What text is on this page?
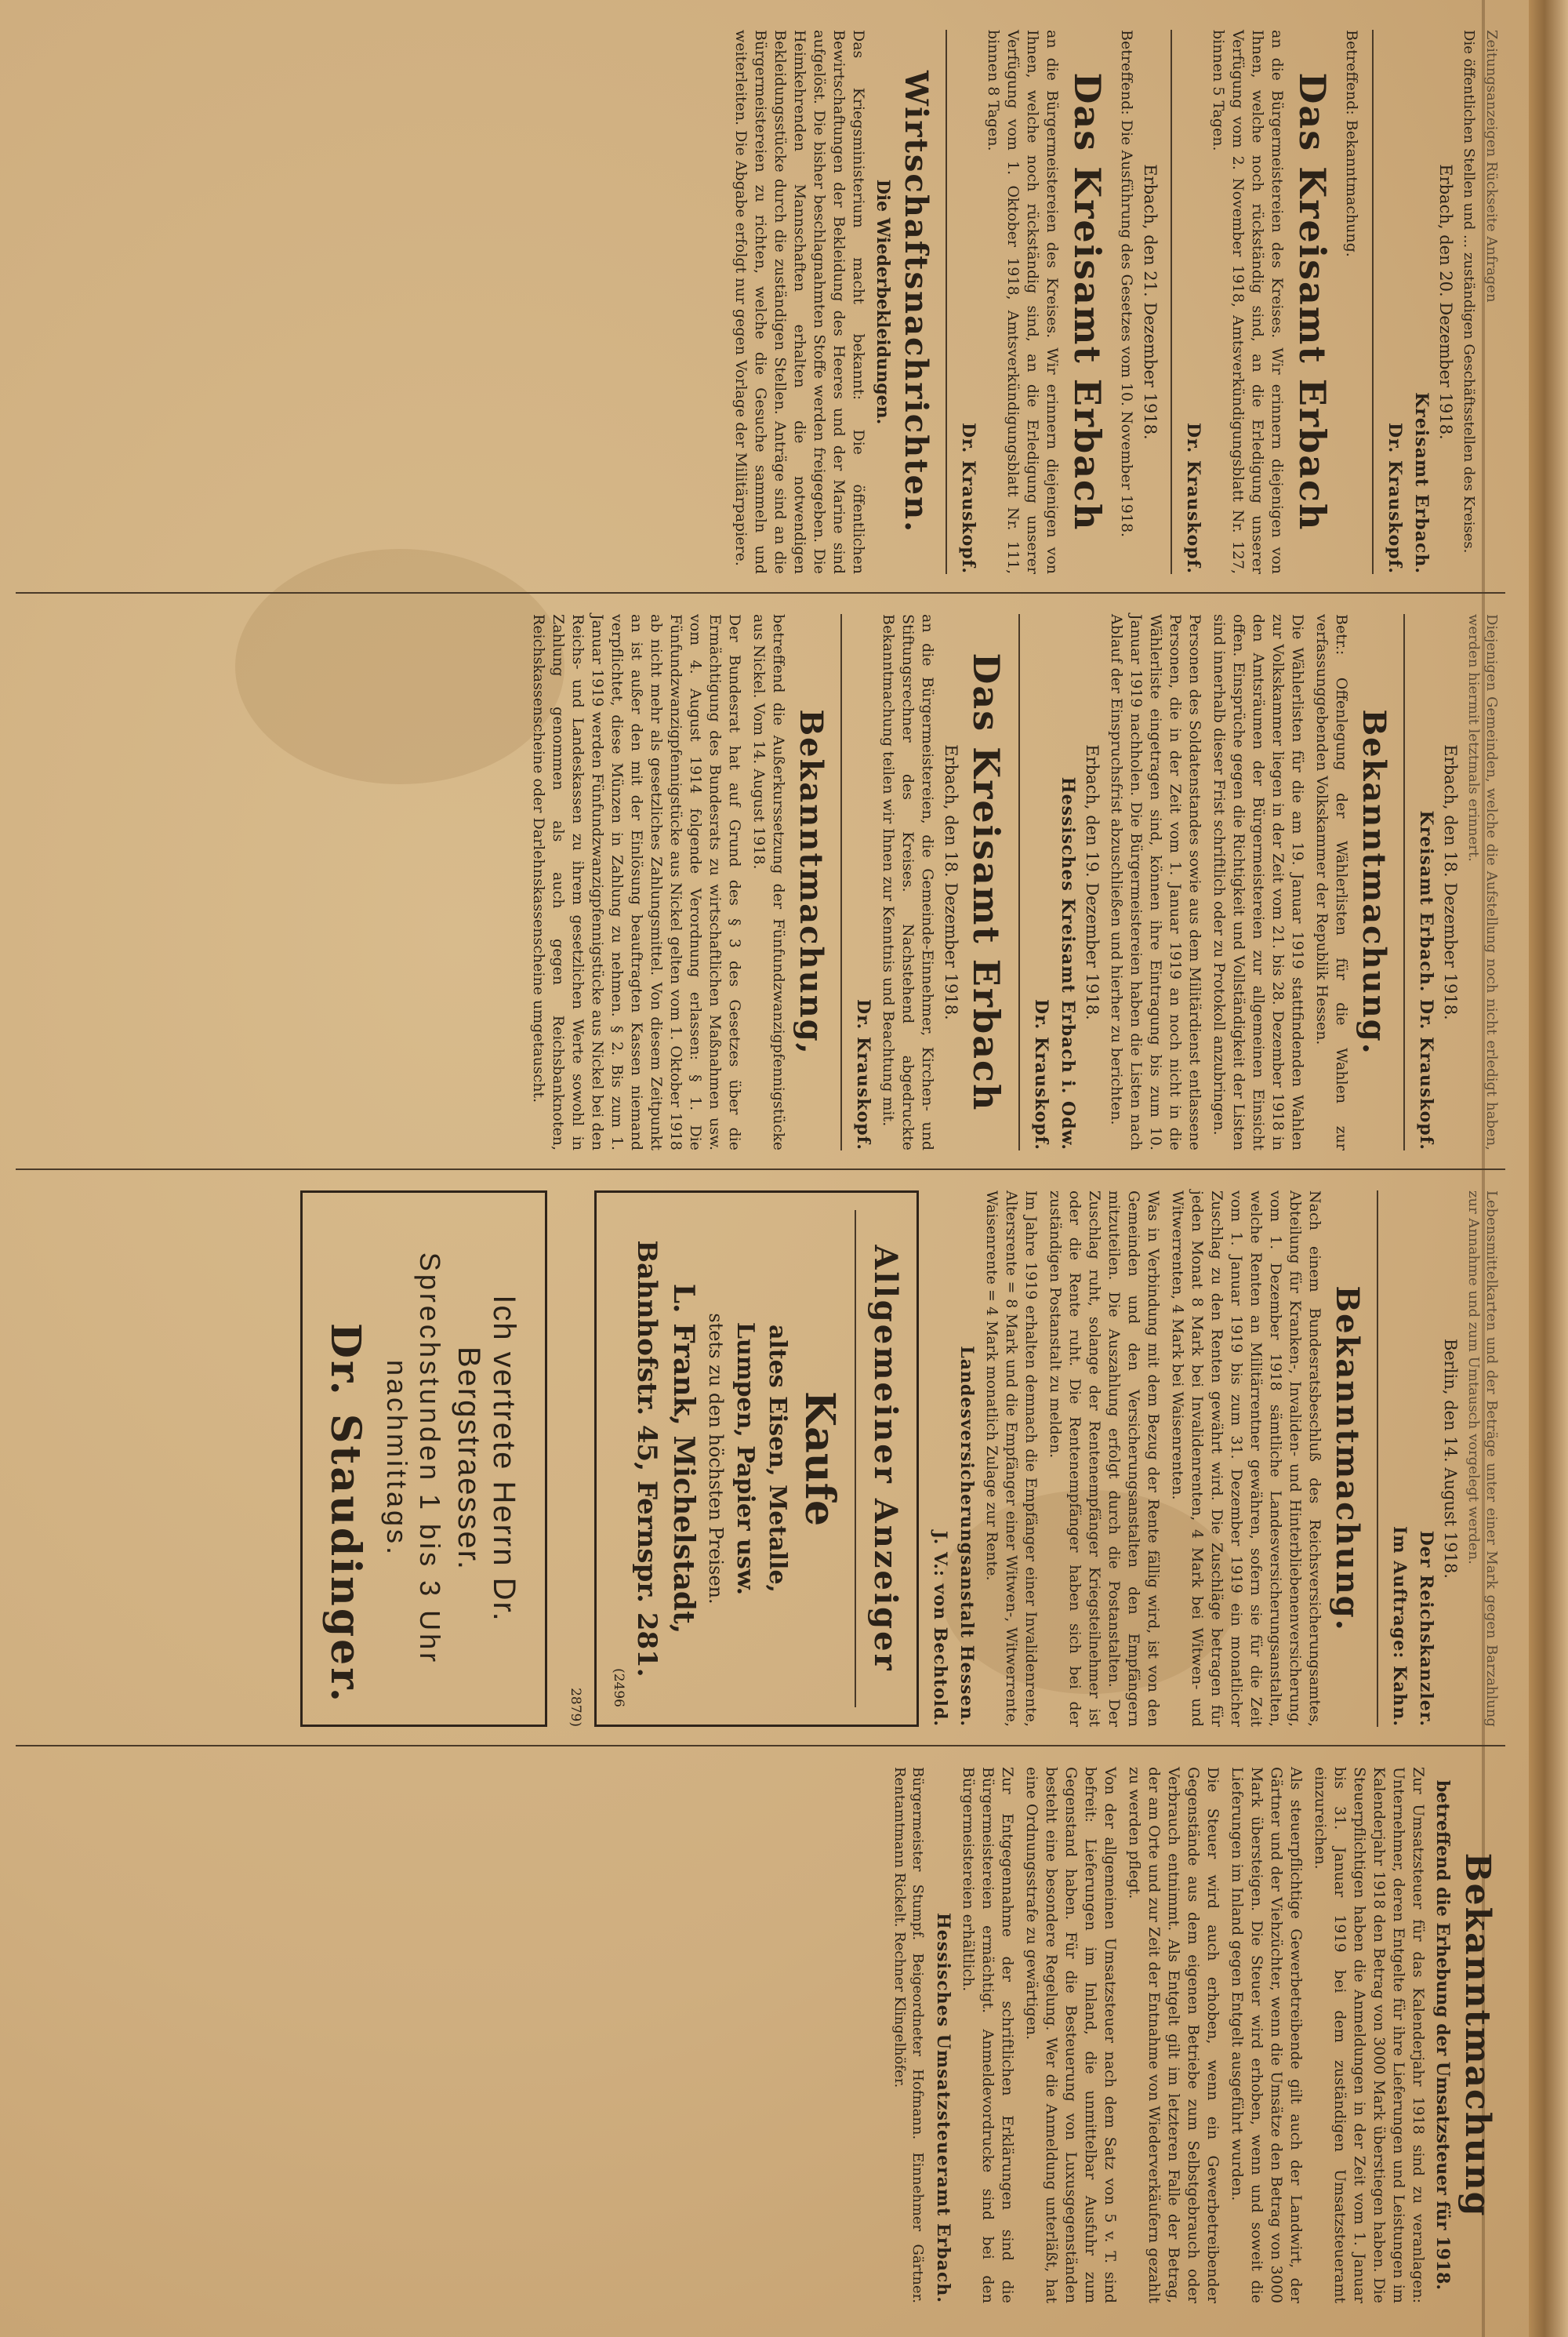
Zeitungsanzeigen Rückseite Anfragen
Die öffentlichen Stellen und ... zuständigen Geschäftsstellen des Kreises.
Erbach, den 20. Dezember 1918.
Kreisamt Erbach.
Dr. Krauskopf.
Betreffend: Bekanntmachung.
Das Kreisamt Erbach
an die Bürgermeistereien des Kreises. Wir erinnern diejenigen von Ihnen, welche noch rückständig sind, an die Erledigung unserer Verfügung vom 2. November 1918, Amtsverkündigungsblatt Nr. 127, binnen 5 Tagen.
Dr. Krauskopf.
Erbach, den 21. Dezember 1918.
Betreffend: Die Ausführung des Gesetzes vom 10. November 1918.
Das Kreisamt Erbach
an die Bürgermeistereien des Kreises. Wir erinnern diejenigen von Ihnen, welche noch rückständig sind, an die Erledigung unserer Verfügung vom 1. Oktober 1918, Amtsverkündigungsblatt Nr. 111, binnen 8 Tagen.
Dr. Krauskopf.
Wirtschaftsnachrichten.
Die Wiederbekleidungen.
Das Kriegsministerium macht bekannt: Die öffentlichen Bewirtschaftungen der Bekleidung des Heeres und der Marine sind aufgelöst. Die bisher beschlagnahmten Stoffe werden freigegeben. Die Heimkehrenden Mannschaften erhalten die notwendigen Bekleidungsstücke durch die zuständigen Stellen. Anträge sind an die Bürgermeistereien zu richten, welche die Gesuche sammeln und weiterleiten. Die Abgabe erfolgt nur gegen Vorlage der Militärpapiere.
Diejenigen Gemeinden, welche die Aufstellung noch nicht erledigt haben, werden hiermit letztmals erinnert.
Erbach, den 18. Dezember 1918.
Kreisamt Erbach. Dr. Krauskopf.
Bekanntmachung.
Betr.: Offenlegung der Wählerlisten für die Wahlen zur verfassunggebenden Volkskammer der Republik Hessen.
Die Wählerlisten für die am 19. Januar 1919 stattfindenden Wahlen zur Volkskammer liegen in der Zeit vom 21. bis 28. Dezember 1918 in den Amtsräumen der Bürgermeistereien zur allgemeinen Einsicht offen. Einsprüche gegen die Richtigkeit und Vollständigkeit der Listen sind innerhalb dieser Frist schriftlich oder zu Protokoll anzubringen.
Personen des Soldatenstandes sowie aus dem Militärdienst entlassene Personen, die in der Zeit vom 1. Januar 1919 an noch nicht in die Wählerliste eingetragen sind, können ihre Eintragung bis zum 10. Januar 1919 nachholen. Die Bürgermeistereien haben die Listen nach Ablauf der Einspruchsfrist abzuschließen und hierher zu berichten.
Erbach, den 19. Dezember 1918.
Hessisches Kreisamt Erbach i. Odw.
Dr. Krauskopf.
Das Kreisamt Erbach
Erbach, den 18. Dezember 1918.
an die Bürgermeistereien, die Gemeinde-Einnehmer, Kirchen- und Stiftungsrechner des Kreises. Nachstehend abgedruckte Bekanntmachung teilen wir Ihnen zur Kenntnis und Beachtung mit.
Dr. Krauskopf.
Bekanntmachung,
betreffend die Außerkurssetzung der Fünfundzwanzigpfennigstücke aus Nickel. Vom 14. August 1918.
Der Bundesrat hat auf Grund des § 3 des Gesetzes über die Ermächtigung des Bundesrats zu wirtschaftlichen Maßnahmen usw. vom 4. August 1914 folgende Verordnung erlassen: § 1. Die Fünfundzwanzigpfennigstücke aus Nickel gelten vom 1. Oktober 1918 ab nicht mehr als gesetzliches Zahlungsmittel. Von diesem Zeitpunkt an ist außer den mit der Einlösung beauftragten Kassen niemand verpflichtet, diese Münzen in Zahlung zu nehmen. § 2. Bis zum 1. Januar 1919 werden Fünfundzwanzigpfennigstücke aus Nickel bei den Reichs- und Landeskassen zu ihrem gesetzlichen Werte sowohl in Zahlung genommen als auch gegen Reichsbanknoten, Reichskassenscheine oder Darlehnskassenscheine umgetauscht.
Lebensmittelkarten und der Beträge unter einer Mark gegen Barzahlung zur Annahme und zum Umtausch vorgelegt werden.
Berlin, den 14. August 1918.
Der Reichskanzler.
Im Auftrage: Kahn.
Bekanntmachung.
Nach einem Bundesratsbeschluß des Reichsversicherungsamtes, Abteilung für Kranken-, Invaliden- und Hinterbliebenenversicherung, vom 1. Dezember 1918 sämtliche Landesversicherungsanstalten, welche Renten an Militärrentner gewähren, sofern sie für die Zeit vom 1. Januar 1919 bis zum 31. Dezember 1919 ein monatlicher Zuschlag zu den Renten gewährt wird. Die Zuschläge betragen für jeden Monat 8 Mark bei Invalidenrenten, 4 Mark bei Witwen- und Witwerrenten, 4 Mark bei Waisenrenten.
Was in Verbindung mit dem Bezug der Rente fällig wird, ist von den Gemeinden und den Versicherungsanstalten den Empfängern mitzuteilen. Die Auszahlung erfolgt durch die Postanstalten. Der Zuschlag ruht, solange der Rentenempfänger Kriegsteilnehmer ist oder die Rente ruht. Die Rentenempfänger haben sich bei der zuständigen Postanstalt zu melden.
Im Jahre 1919 erhalten demnach die Empfänger einer Invalidenrente, Altersrente = 8 Mark und die Empfänger einer Witwen-, Witwerrente, Waisenrente = 4 Mark monatlich Zulage zur Rente.
Landesversicherungsanstalt Hessen.
J. V.: von Bechtold.
Allgemeiner Anzeiger
Kaufe
altes Eisen, Metalle,
Lumpen, Papier usw.
stets zu den höchsten Preisen.
L. Frank, Michelstadt,
Bahnhofstr. 45, Fernspr. 281.
(2496
2879)
Ich vertrete Herrn Dr. Bergstraesser.
Sprechstunden 1 bis 3 Uhr nachmittags.
Dr. Staudinger.
Bekanntmachung
betreffend die Erhebung der Umsatzsteuer für 1918.
Zur Umsatzsteuer für das Kalenderjahr 1918 sind zu veranlagen: Unternehmer, deren Entgelte für ihre Lieferungen und Leistungen im Kalenderjahr 1918 den Betrag von 3000 Mark überstiegen haben. Die Steuerpflichtigen haben die Anmeldungen in der Zeit vom 1. Januar bis 31. Januar 1919 bei dem zuständigen Umsatzsteueramt einzureichen.
Als steuerpflichtige Gewerbetreibende gilt auch der Landwirt, der Gärtner und der Viehzüchter, wenn die Umsätze den Betrag von 3000 Mark übersteigen. Die Steuer wird erhoben, wenn und soweit die Lieferungen im Inland gegen Entgelt ausgeführt wurden.
Die Steuer wird auch erhoben, wenn ein Gewerbetreibender Gegenstände aus dem eigenen Betriebe zum Selbstgebrauch oder Verbrauch entnimmt. Als Entgelt gilt im letzteren Falle der Betrag, der am Orte und zur Zeit der Entnahme von Wiederverkäufern gezahlt zu werden pflegt.
Von der allgemeinen Umsatzsteuer nach dem Satz von 5 v. T. sind befreit: Lieferungen im Inland, die unmittelbar Ausfuhr zum Gegenstand haben. Für die Besteuerung von Luxusgegenständen besteht eine besondere Regelung. Wer die Anmeldung unterläßt, hat eine Ordnungsstrafe zu gewärtigen.
Zur Entgegennahme der schriftlichen Erklärungen sind die Bürgermeistereien ermächtigt. Anmeldevordrucke sind bei den Bürgermeistereien erhältlich.
Hessisches Umsatzsteueramt Erbach.
Bürgermeister Stumpf. Beigeordneter Hofmann. Einnehmer Gärtner. Rentamtmann Rickelt. Rechner Klingelhöfer.
